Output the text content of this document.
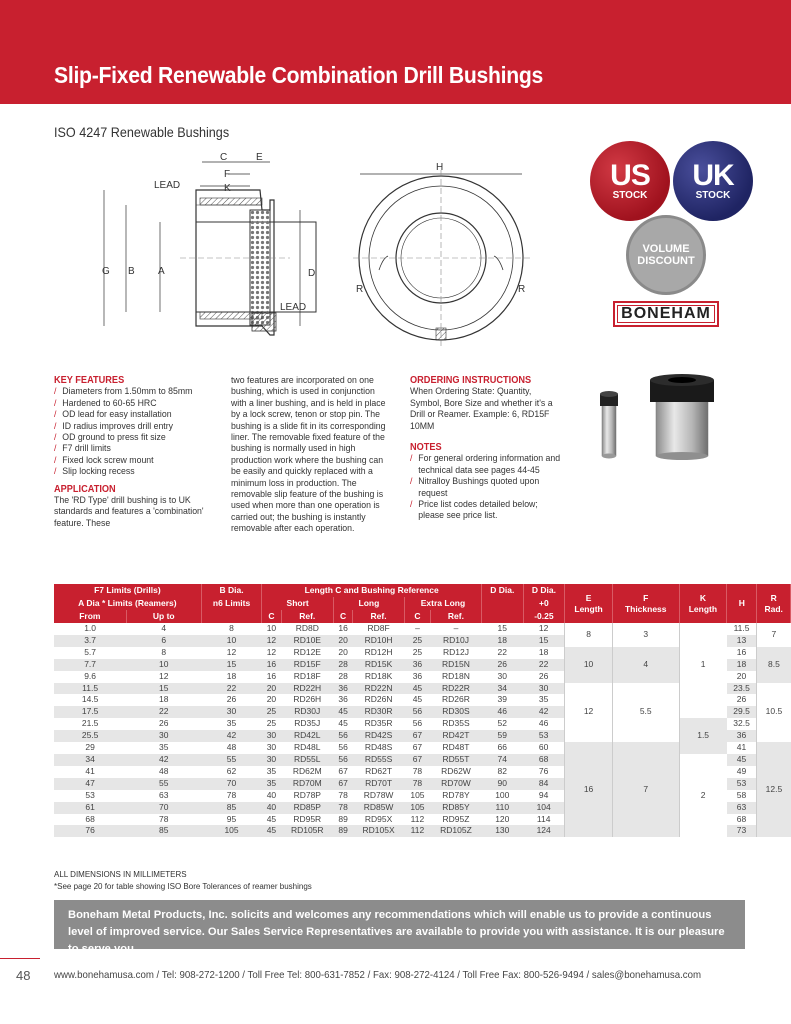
Slip-Fixed Renewable Combination Drill Bushings
ISO 4247 Renewable Bushings
G B A	D
C	E
F
K
LEAD
LEAD
H
R	R
US
STOCK
UK
STOCK
VOLUME
DISCOUNT
BONEHAM
KEY FEATURES
/ Diameters from 1.50mm to 85mm
/ Hardened to 60-65 HRC
/ OD lead for easy installation
/ ID radius improves drill entry
/ OD ground to press fit size
/ F7 drill limits
/ Fixed lock screw mount
/ Slip locking recess
APPLICATION
The 'RD Type' drill bushing is to UK standards and features a 'combination' feature. These
two features are incorporated on one bushing, which is used in conjunction with a liner bushing, and is held in place by a lock screw, tenon or stop pin. The bushing is a slide fit in its corresponding liner. The removable fixed feature of the bushing is normally used in high production work where the bushing can be easily and quickly replaced with a minimum loss in production. The removable slip feature of the bushing is used when more than one operation is carried out; the bushing is instantly removable after each operation.
ORDERING INSTRUCTIONS
When Ordering State: Quantity, Symbol, Bore Size and whether it's a Drill or Reamer. Example: 6, RD15F 10MM
NOTES
/ For general ordering information and technical data see pages 44-45
/ Nitralloy Bushings quoted upon request
/ Price list codes detailed below; please see price list.
F7 Limits (Drills)		B Dia.	Length C and Bushing Reference						D Dia.	D Dia.	E
Length	F
Thickness	K
Length	H	R
Rad.
A Dia * Limits (Reamers)		n6 Limits	Short		Long		Extra Long			+0					
From	Up to		C	Ref.	C	Ref.	C	Ref.		-0.25					
1.0	4	8	10	RD8D	16	RD8F	–	–	15	12	8	3		11.5	7
3.7	6	10	12	RD10E	20	RD10H	25	RD10J	18	15				13	
5.7	8	12	12	RD12E	20	RD12H	25	RD12J	22	18	10	4	1	16	8.5
7.7	10	15	16	RD15F	28	RD15K	36	RD15N	26	22				18	
9.6	12	18	16	RD18F	28	RD18K	36	RD18N	30	26				20	
11.5	15	22	20	RD22H	36	RD22N	45	RD22R	34	30	12	5.5		23.5	10.5
14.5	18	26	20	RD26H	36	RD26N	45	RD26R	39	35				26	
17.5	22	30	25	RD30J	45	RD30R	56	RD30S	46	42				29.5	
21.5	26	35	25	RD35J	45	RD35R	56	RD35S	52	46			1.5	32.5	
25.5	30	42	30	RD42L	56	RD42S	67	RD42T	59	53				36	
29	35	48	30	RD48L	56	RD48S	67	RD48T	66	60	16	7		41	12.5
34	42	55	30	RD55L	56	RD55S	67	RD55T	74	68			2	45	
41	48	62	35	RD62M	67	RD62T	78	RD62W	82	76				49	
47	55	70	35	RD70M	67	RD70T	78	RD70W	90	84				53	
53	63	78	40	RD78P	78	RD78W	105	RD78Y	100	94				58	
61	70	85	40	RD85P	78	RD85W	105	RD85Y	110	104				63	
68	78	95	45	RD95R	89	RD95X	112	RD95Z	120	114				68	
76	85	105	45	RD105R	89	RD105X	112	RD105Z	130	124				73	
ALL DIMENSIONS IN MILLIMETERS
*See page 20 for table showing ISO Bore Tolerances of reamer bushings
Boneham Metal Products, Inc. solicits and welcomes any recommendations which will enable us to provide a continuous level of improved service. Our Sales Service Representatives are available to provide you with assistance. It is our pleasure to serve you.
48 www.bonehamusa.com / Tel: 908-272-1200 / Toll Free Tel: 800-631-7852 / Fax: 908-272-4124 / Toll Free Fax: 800-526-9494 / sales@bonehamusa.com
